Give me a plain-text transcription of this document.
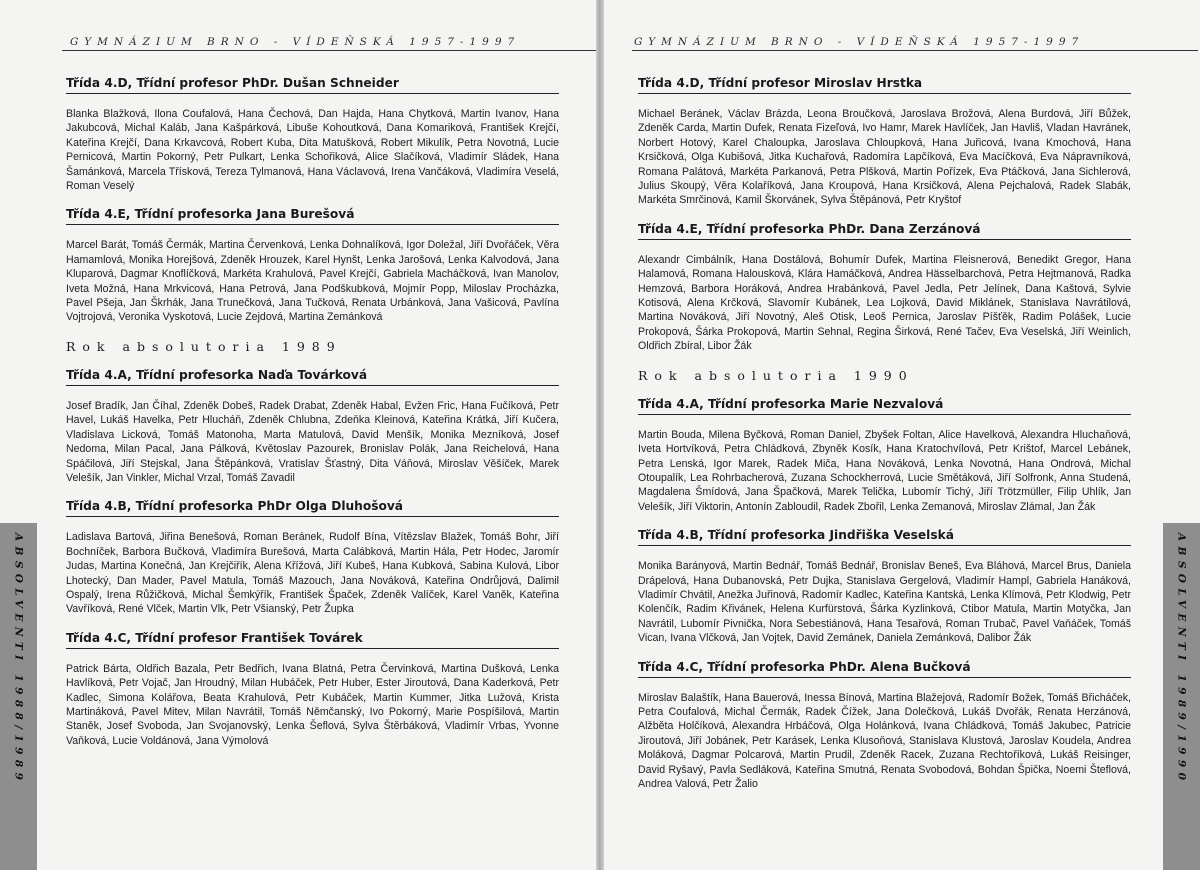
GYMNÁZIUM BRNO - VÍDEŇSKÁ 1957-1997
Třída 4.D, Třídní profesor PhDr. Dušan Schneider
Blanka Blažková, Ilona Coufalová, Hana Čechová, Dan Hajda, Hana Chytková, Martin Ivanov, Hana Jakubcová, Michal Kaláb, Jana Kašpárková, Libuše Kohoutková, Dana Komariková, František Krejčí, Kateřina Krejčí, Dana Krkavcová, Robert Kuba, Dita Matušková, Robert Mikulík, Petra Novotná, Lucie Pernicová, Martin Pokorný, Petr Pulkart, Lenka Schořiková, Alice Slačíková, Vladimír Sládek, Hana Šamánková, Marcela Třísková, Tereza Tylmanová, Hana Václavová, Irena Vančáková, Vladimíra Veselá, Roman Veselý
Třída 4.E, Třídní profesorka Jana Burešová
Marcel Barát, Tomáš Čermák, Martina Červenková, Lenka Dohnalíková, Igor Doležal, Jiří Dvořáček, Věra Hamamlová, Monika Horejšová, Zdeněk Hrouzek, Karel Hynšt, Lenka Jarošová, Lenka Kalvodová, Jana Kluparová, Dagmar Knoflíčková, Markéta Krahulová, Pavel Krejčí, Gabriela Macháčková, Ivan Manolov, Iveta Možná, Hana Mrkvicová, Hana Petrová, Jana Podškubková, Mojmír Popp, Miloslav Procházka, Pavel Pšeja, Jan Škrhák, Jana Trunečková, Jana Tučková, Renata Urbánková, Jana Vašicová, Pavlína Vojtrojová, Veronika Vyskotová, Lucie Zejdová, Martina Zemánková
Rok absolutoria 1989
Třída 4.A, Třídní profesorka Naďa Továrková
Josef Bradík, Jan Číhal, Zdeněk Dobeš, Radek Drabat, Zdeněk Habal, Evžen Fric, Hana Fučíková, Petr Havel, Lukáš Havelka, Petr Hlucháň, Zdeněk Chlubna, Zdeňka Kleinová, Kateřina Krátká, Jiří Kučera, Vladislava Licková, Tomáš Matonoha, Marta Matulová, David Menšík, Monika Mezníková, Josef Nedoma, Milan Pacal, Jana Pálková, Květoslav Pazourek, Bronislav Polák, Jana Reichelová, Hana Spáčilová, Jiří Stejskal, Jana Štěpánková, Vratislav Šťastný, Dita Váňová, Miroslav Věšíček, Marek Velešík, Jan Vinkler, Michal Vrzal, Tomáš Zavadil
Třída 4.B, Třídní profesorka PhDr Olga Dluhošová
Ladislava Bartová, Jiřina Benešová, Roman Beránek, Rudolf Bína, Vítězslav Blažek, Tomáš Bohr, Jiří Bochníček, Barbora Bučková, Vladimíra Burešová, Marta Calábková, Martin Hála, Petr Hodec, Jaromír Judas, Martina Konečná, Jan Krejčiřík, Alena Křížová, Jiří Kubeš, Hana Kubková, Sabina Kulová, Libor Lhotecký, Dan Mader, Pavel Matula, Tomáš Mazouch, Jana Nováková, Kateřina Ondrůjová, Dalimil Ospalý, Irena Růžičková, Michal Šemkýřík, František Špaček, Zdeněk Valíček, Karel Vaněk, Kateřina Vavříková, René Vlček, Martin Vlk, Petr Všianský, Petr Župka
Třída 4.C, Třídní profesor František Továrek
Patrick Bárta, Oldřich Bazala, Petr Bedřich, Ivana Blatná, Petra Červinková, Martina Dušková, Lenka Havlíková, Petr Vojač, Jan Hroudný, Milan Hubáček, Petr Huber, Ester Jiroutová, Dana Kaderková, Petr Kadlec, Simona Kolářova, Beata Krahulová, Petr Kubáček, Martin Kummer, Jitka Lužová, Krista Martináková, Pavel Mitev, Milan Navrátil, Tomáš Němčanský, Ivo Pokorný, Marie Pospíšilová, Martin Staněk, Josef Svoboda, Jan Svojanovský, Lenka Šeflová, Sylva Štěrbáková, Vladimír Vrbas, Yvonne Vaňková, Lucie Voldánová, Jana Výmolová
ABSOLVENTI 1988/1989
GYMNÁZIUM BRNO - VÍDEŇSKÁ 1957-1997
Třída 4.D, Třídní profesor Miroslav Hrstka
Michael Beránek, Václav Brázda, Leona Broučková, Jaroslava Brožová, Alena Burdová, Jiří Bůžek, Zdeněk Carda, Martin Dufek, Renata Fizeľová, Ivo Hamr, Marek Havlíček, Jan Havliš, Vladan Havránek, Norbert Hotový, Karel Chaloupka, Jaroslava Chloupková, Hana Juřicová, Ivana Kmochová, Hana Krsičková, Olga Kubišová, Jitka Kuchařová, Radomíra Lapčíková, Eva Macíčková, Eva Nápravníková, Romana Palátová, Markéta Parkanová, Petra Plšková, Martin Pořízek, Eva Ptáčková, Jana Sichlerová, Julius Skoupý, Věra Kolaříková, Jana Kroupová, Hana Krsičková, Alena Pejchalová, Radek Slabák, Markéta Smrčinová, Kamil Škorvánek, Sylva Štěpánová, Petr Kryštof
Třída 4.E, Třídní profesorka PhDr. Dana Zerzánová
Alexandr Cimbálník, Hana Dostálová, Bohumír Dufek, Martina Fleisnerová, Benedikt Gregor, Hana Halamová, Romana Halousková, Klára Hamáčková, Andrea Hässelbarchová, Petra Hejtmanová, Radka Hemzová, Barbora Horáková, Andrea Hrabánková, Pavel Jedla, Petr Jelínek, Dana Kaštová, Sylvie Kotisová, Alena Krčková, Slavomír Kubánek, Lea Lojková, David Miklánek, Stanislava Navrátilová, Martina Nováková, Jiří Novotný, Aleš Otisk, Leoš Pernica, Jaroslav Píšťěk, Radim Polášek, Lucie Prokopová, Šárka Prokopová, Martin Sehnal, Regina Širková, René Tačev, Eva Veselská, Jiří Weinlich, Oldřich Zbíral, Libor Žák
Rok absolutoria 1990
Třída 4.A, Třídní profesorka Marie Nezvalová
Martin Bouda, Milena Byčková, Roman Daniel, Zbyšek Foltan, Alice Havelková, Alexandra Hluchaňová, Iveta Hortvíková, Petra Chládková, Zbyněk Kosík, Hana Kratochvílová, Petr Krištof, Marcel Lebánek, Petra Lenská, Igor Marek, Radek Miča, Hana Nováková, Lenka Novotná, Hana Ondrová, Michal Otoupalík, Lea Rohrbacherová, Zuzana Schockherrová, Lucie Smětáková, Jiří Solfronk, Anna Studená, Magdalena Šmídová, Jana Špačková, Marek Telička, Lubomír Tichý, Jiří Trötzmüller, Filip Uhlík, Jan Velešík, Jiří Viktorin, Antonín Zabloudil, Radek Zbořil, Lenka Zemanová, Miroslav Zlámal, Jan Žák
Třída 4.B, Třídní profesorka Jindřiška Veselská
Monika Barányová, Martin Bednář, Tomáš Bednář, Bronislav Beneš, Eva Bláhová, Marcel Brus, Daniela Drápelová, Hana Dubanovská, Petr Dujka, Stanislava Gergelová, Vladimír Hampl, Gabriela Hanáková, Vladimír Chvátil, Anežka Juřinová, Radomír Kadlec, Kateřina Kantská, Lenka Klímová, Petr Klodwig, Petr Kolenčík, Radim Křivánek, Helena Kurfürstová, Šárka Kyzlinková, Ctibor Matula, Martin Motyčka, Jan Navrátil, Lubomír Pivnička, Nora Sebestiánová, Hana Tesařová, Roman Trubač, Pavel Vaňáček, Tomáš Vican, Ivana Vlčková, Jan Vojtek, David Zemánek, Daniela Zemánková, Dalibor Žák
Třída 4.C, Třídní profesorka PhDr. Alena Bučková
Miroslav Balaštík, Hana Bauerová, Inessa Bínová, Martina Blažejová, Radomír Božek, Tomáš Břicháček, Petra Coufalová, Michal Čermák, Radek Čížek, Jana Dolečková, Lukáš Dvořák, Renata Herzánová, Alžběta Holčíková, Alexandra Hrbáčová, Olga Holánková, Ivana Chládková, Tomáš Jakubec, Patricie Jiroutová, Jiří Jobánek, Petr Karásek, Lenka Klusoňová, Stanislava Klustová, Jaroslav Koudela, Andrea Moláková, Dagmar Polcarová, Martin Prudil, Zdeněk Racek, Zuzana Rechtoříková, Lukáš Reisinger, David Ryšavý, Pavla Sedláková, Kateřina Smutná, Renata Svobodová, Bohdan Špička, Noemi Šteflová, Andrea Valová, Petr Žalio	ABSOLVENTI 1989/1990
